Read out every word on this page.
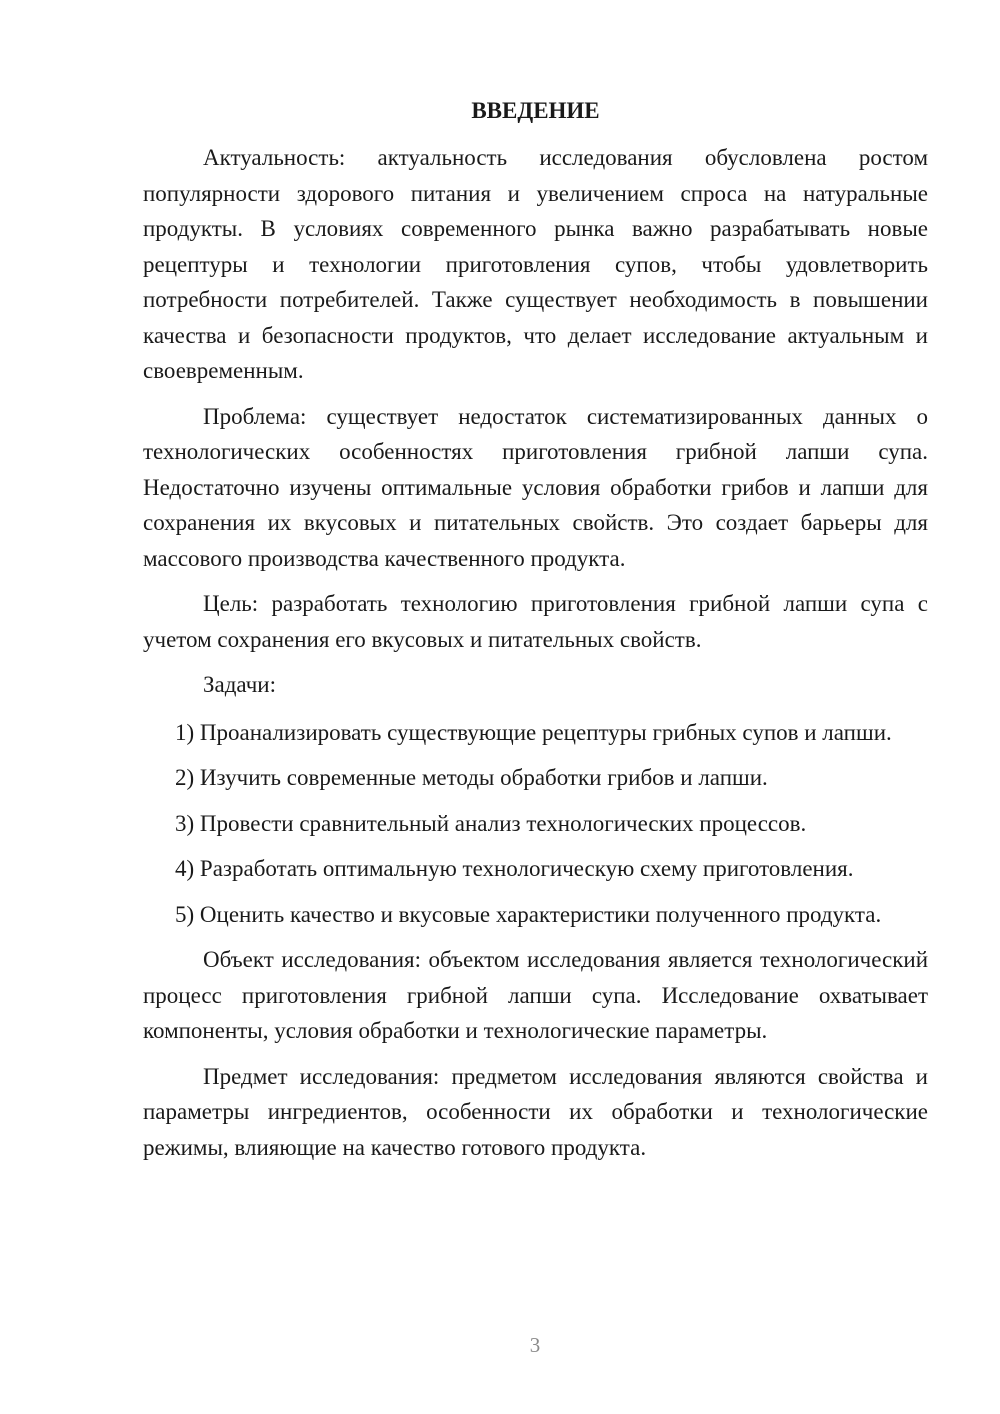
ВВЕДЕНИЕ

Актуальность: актуальность исследования обусловлена ростом популярности здорового питания и увеличением спроса на натуральные продукты. В условиях современного рынка важно разрабатывать новые рецептуры и технологии приготовления супов, чтобы удовлетворить потребности потребителей. Также существует необходимость в повышении качества и безопасности продуктов, что делает исследование актуальным и своевременным.

Проблема: существует недостаток систематизированных данных о технологических особенностях приготовления грибной лапши супа. Недостаточно изучены оптимальные условия обработки грибов и лапши для сохранения их вкусовых и питательных свойств. Это создает барьеры для массового производства качественного продукта.

Цель: разработать технологию приготовления грибной лапши супа с учетом сохранения его вкусовых и питательных свойств.

Задачи:

1) Проанализировать существующие рецептуры грибных супов и лапши.

2) Изучить современные методы обработки грибов и лапши.

3) Провести сравнительный анализ технологических процессов.

4) Разработать оптимальную технологическую схему приготовления.

5) Оценить качество и вкусовые характеристики полученного продукта.

Объект исследования: объектом исследования является технологический процесс приготовления грибной лапши супа. Исследование охватывает компоненты, условия обработки и технологические параметры.

Предмет исследования: предметом исследования являются свойства и параметры ингредиентов, особенности их обработки и технологические режимы, влияющие на качество готового продукта.

3
